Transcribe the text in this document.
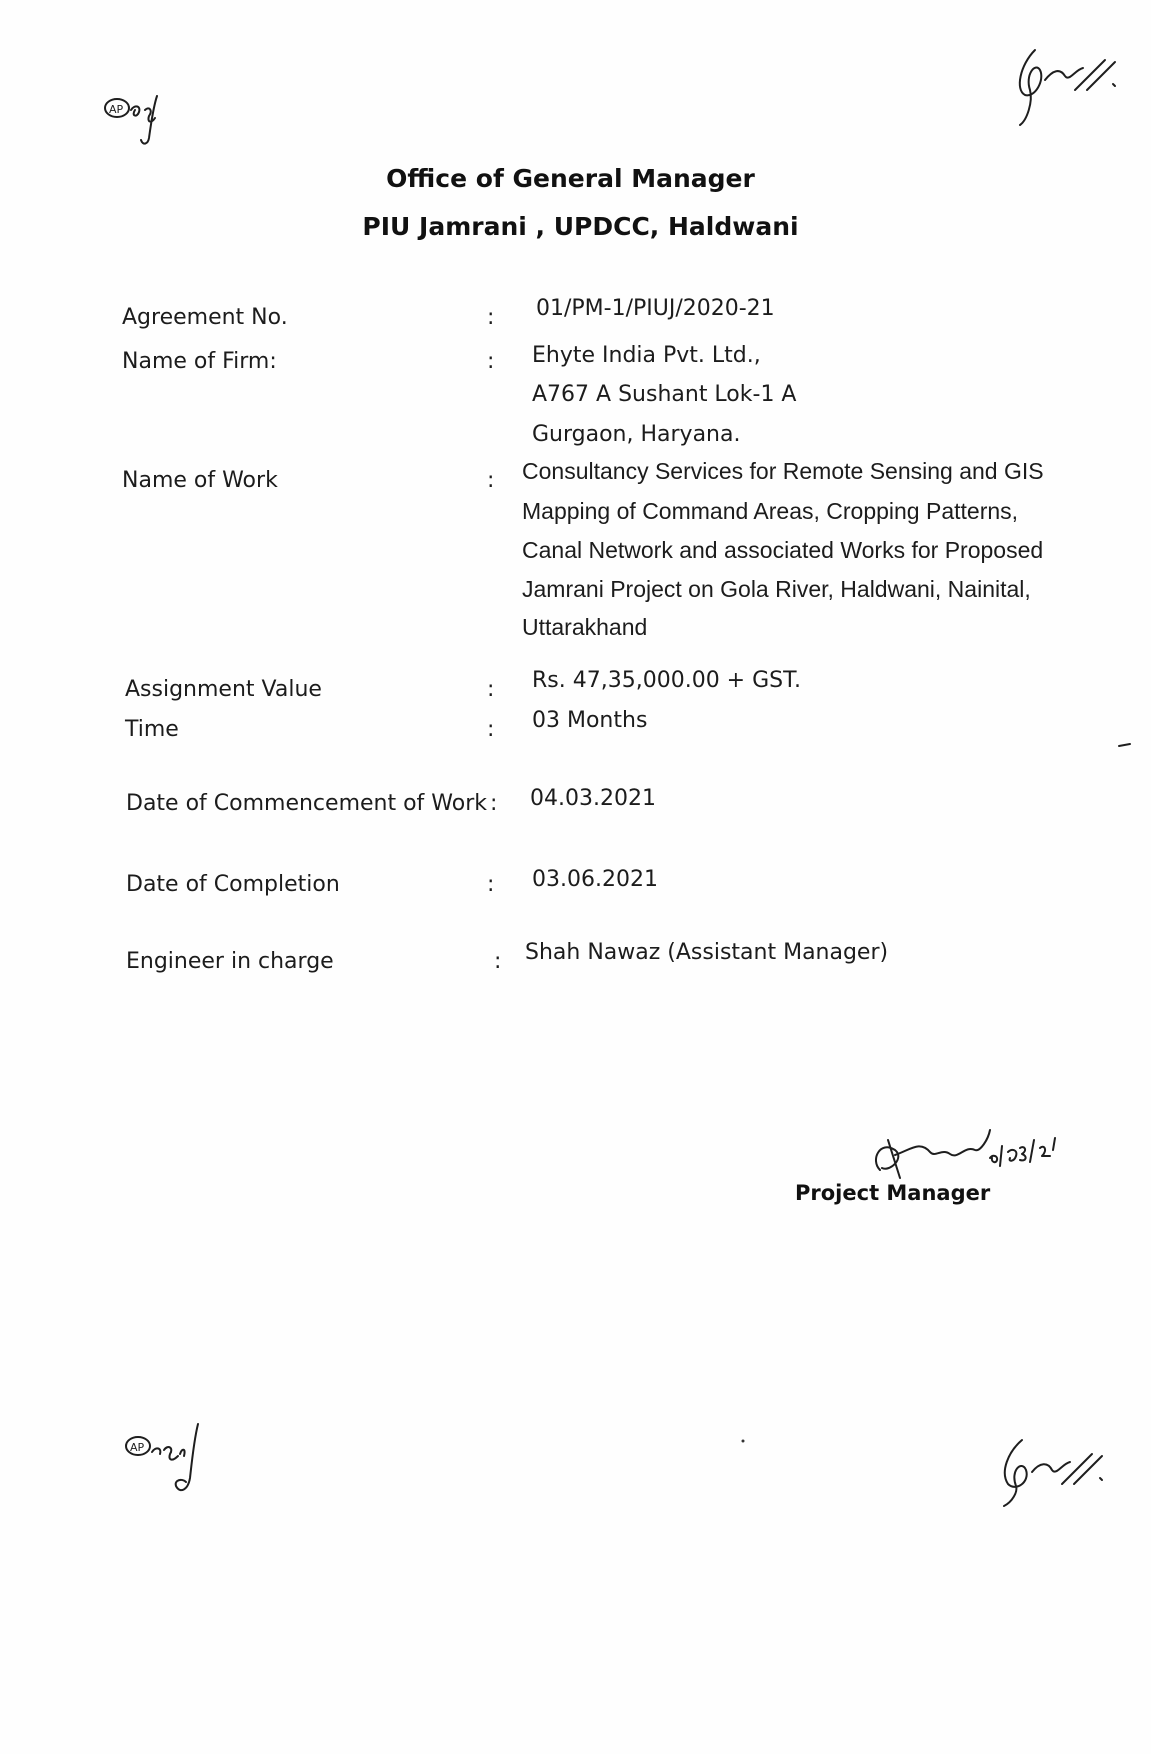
Office of General Manager
PIU Jamrani , UPDCC, Haldwani
Agreement No.	: 01/PM-1/PIUJ/2020-21
Name of Firm:	: Ehyte India Pvt. Ltd.,
A767 A Sushant Lok-1 A
Gurgaon, Haryana.
Name of Work	: Consultancy Services for Remote Sensing and GIS
Mapping of Command Areas, Cropping Patterns,
Canal Network and associated Works for Proposed
Jamrani Project on Gola River, Haldwani, Nainital,
Uttarakhand
Assignment Value	: Rs. 47,35,000.00 + GST.
Time	: 03 Months
Date of Commencement of Work : 04.03.2021
Date of Completion	: 03.06.2021
Engineer in charge	: Shah Nawaz (Assistant Manager)
Project Manager
AP
AP
